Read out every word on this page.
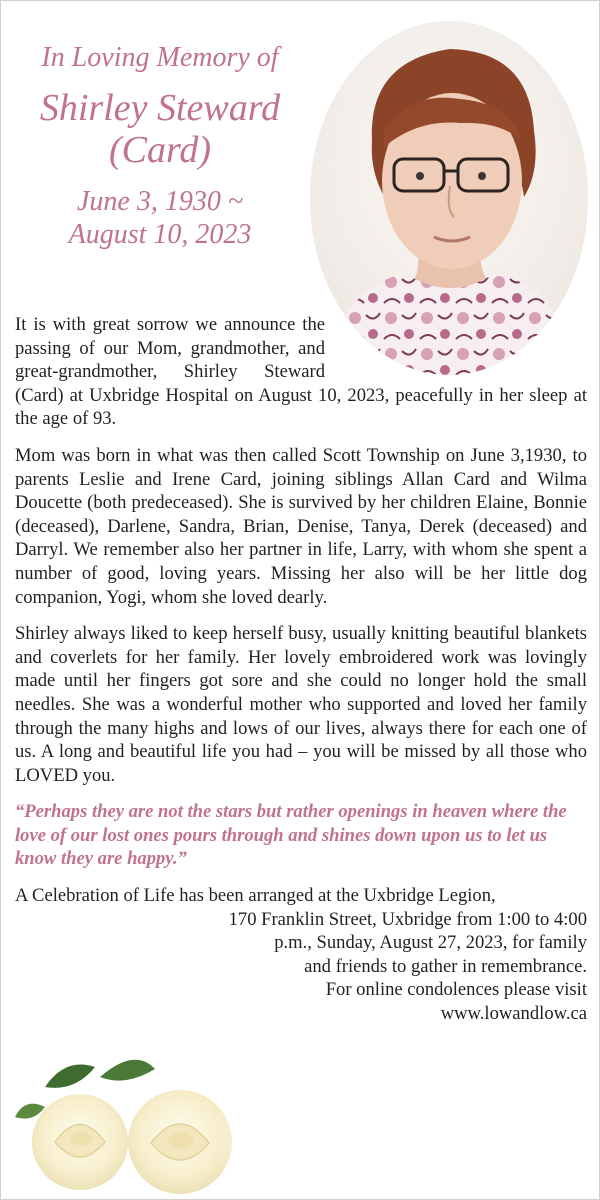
In Loving Memory of
Shirley Steward
(Card)
June 3, 1930 ~
August 10, 2023

It is with great sorrow we announce the passing of our Mom, grandmother, and great-grandmother, Shirley Steward (Card) at Uxbridge Hospital on August 10, 2023, peacefully in her sleep at the age of 93.

Mom was born in what was then called Scott Township on June 3,1930, to parents Leslie and Irene Card, joining siblings Allan Card and Wilma Doucette (both predeceased). She is survived by her children Elaine, Bonnie (deceased), Darlene, Sandra, Brian, Denise, Tanya, Derek (deceased) and Darryl. We remember also her partner in life, Larry, with whom she spent a number of good, loving years. Missing her also will be her little dog companion, Yogi, whom she loved dearly.

Shirley always liked to keep herself busy, usually knitting beautiful blankets and coverlets for her family. Her lovely embroidered work was lovingly made until her fingers got sore and she could no longer hold the small needles. She was a wonderful mother who supported and loved her family through the many highs and lows of our lives, always there for each one of us. A long and beautiful life you had – you will be missed by all those who LOVED you.

“Perhaps they are not the stars but rather openings in heaven where the love of our lost ones pours through and shines down upon us to let us know they are happy.”

A Celebration of Life has been arranged at the Uxbridge Legion,
170 Franklin Street, Uxbridge from 1:00 to 4:00
p.m., Sunday, August 27, 2023, for family
and friends to gather in remembrance.
For online condolences please visit
www.lowandlow.ca
